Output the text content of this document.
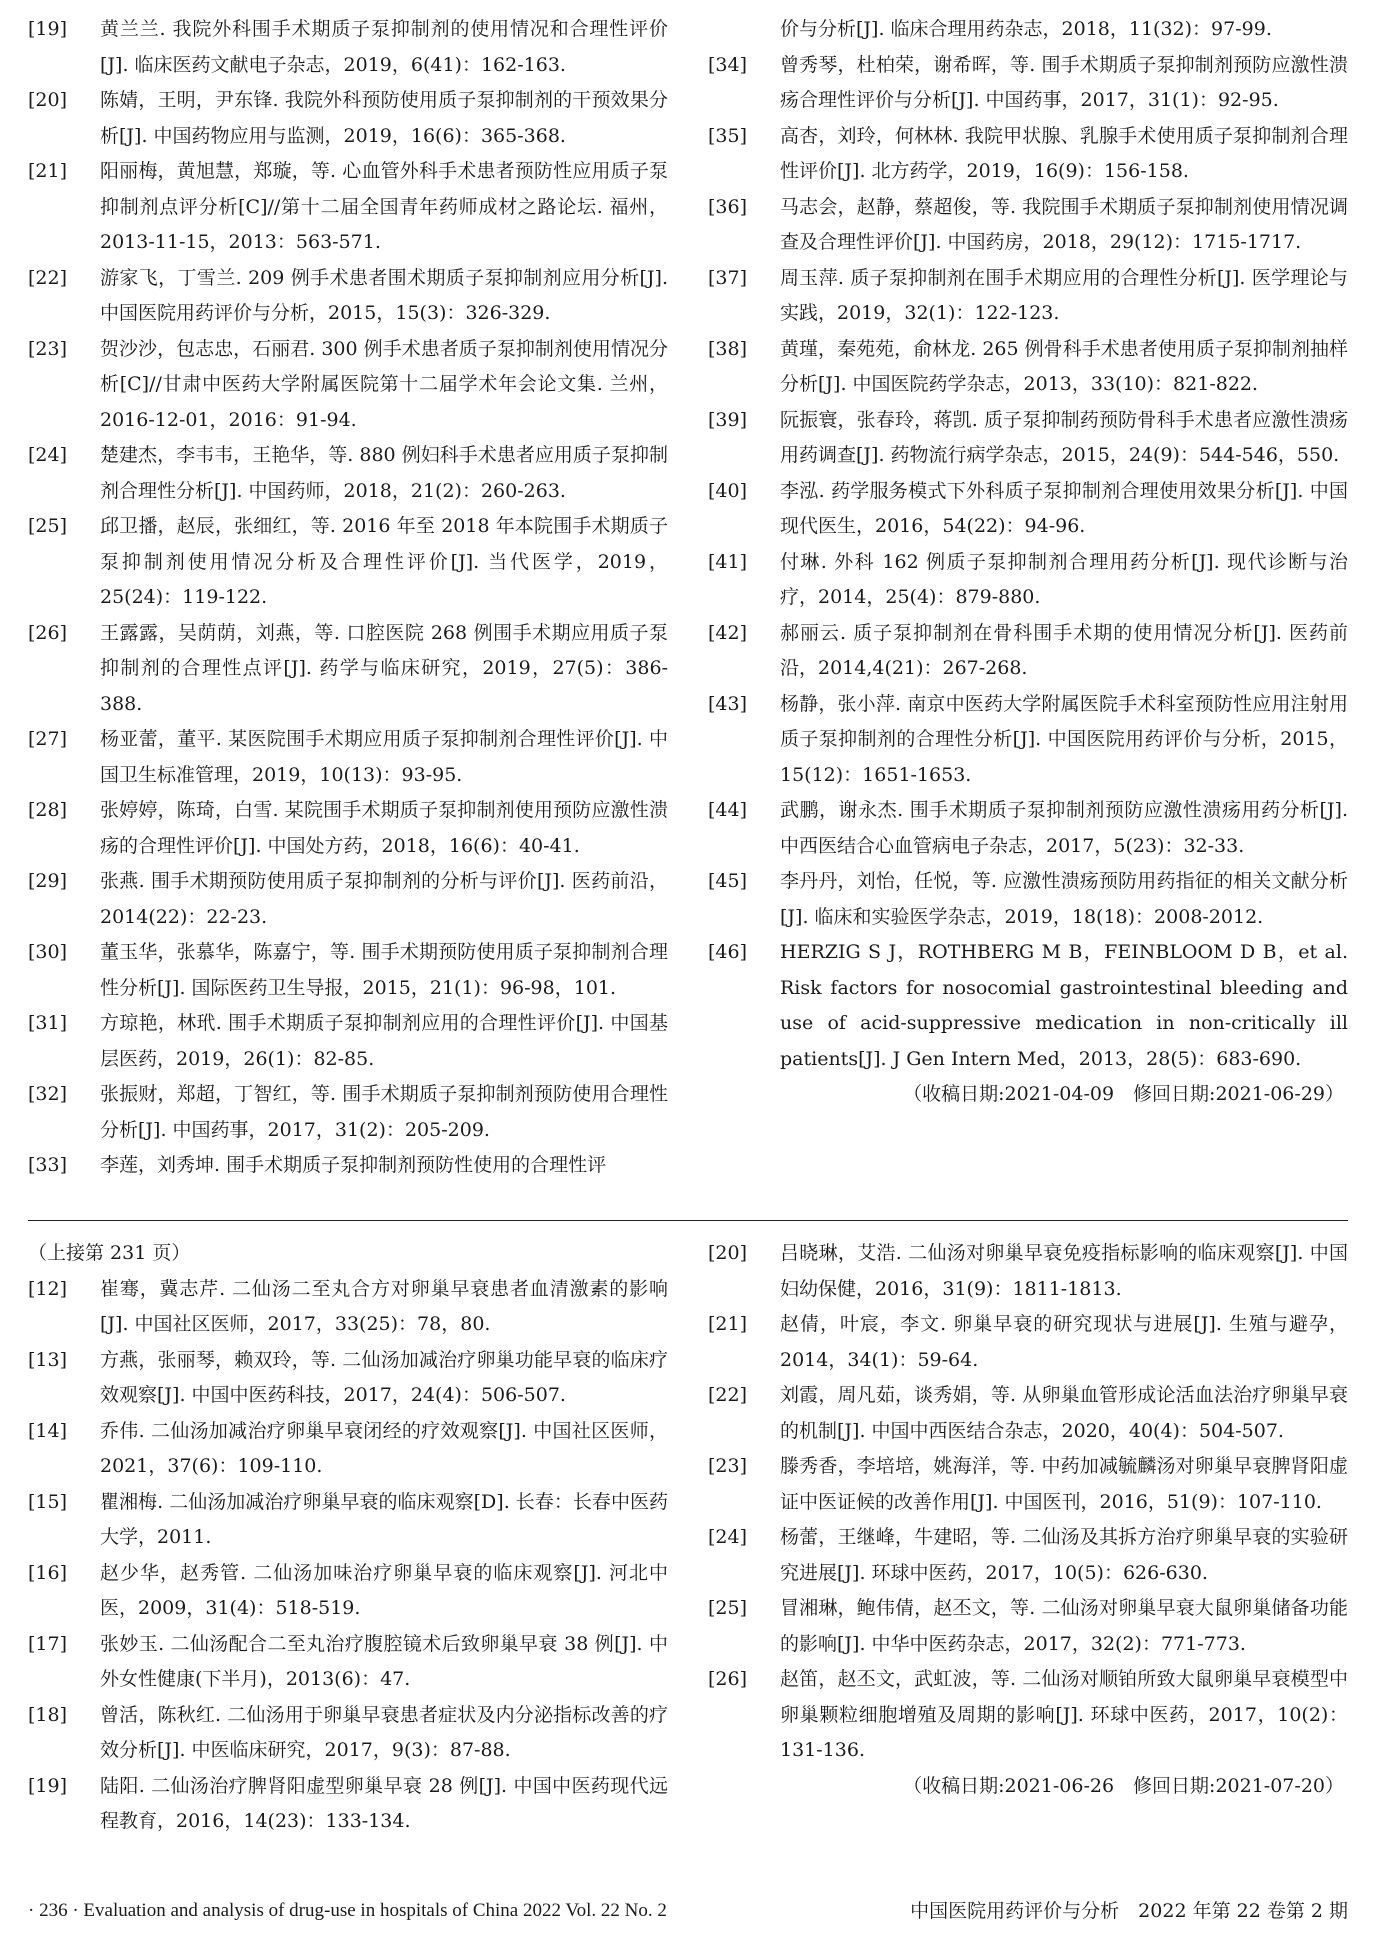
[19]	黄兰兰. 我院外科围手术期质子泵抑制剂的使用情况和合理性评价[J]. 临床医药文献电子杂志，2019，6(41)：162-163.
[20]	陈婧，王明，尹东锋. 我院外科预防使用质子泵抑制剂的干预效果分析[J]. 中国药物应用与监测，2019，16(6)：365-368.
[21]	阳丽梅，黄旭慧，郑璇，等. 心血管外科手术患者预防性应用质子泵抑制剂点评分析[C]//第十二届全国青年药师成材之路论坛. 福州，2013-11-15，2013：563-571.
[22]	游家飞，丁雪兰. 209 例手术患者围术期质子泵抑制剂应用分析[J]. 中国医院用药评价与分析，2015，15(3)：326-329.
[23]	贺沙沙，包志忠，石丽君. 300 例手术患者质子泵抑制剂使用情况分析[C]//甘肃中医药大学附属医院第十二届学术年会论文集. 兰州，2016-12-01，2016：91-94.
[24]	楚建杰，李韦韦，王艳华，等. 880 例妇科手术患者应用质子泵抑制剂合理性分析[J]. 中国药师，2018，21(2)：260-263.
[25]	邱卫播，赵辰，张细红，等. 2016 年至 2018 年本院围手术期质子泵抑制剂使用情况分析及合理性评价[J]. 当代医学，2019，25(24)：119-122.
[26]	王露露，吴荫荫，刘燕，等. 口腔医院 268 例围手术期应用质子泵抑制剂的合理性点评[J]. 药学与临床研究，2019，27(5)：386-388.
[27]	杨亚蕾，董平. 某医院围手术期应用质子泵抑制剂合理性评价[J]. 中国卫生标准管理，2019，10(13)：93-95.
[28]	张婷婷，陈琦，白雪. 某院围手术期质子泵抑制剂使用预防应激性溃疡的合理性评价[J]. 中国处方药，2018，16(6)：40-41.
[29]	张燕. 围手术期预防使用质子泵抑制剂的分析与评价[J]. 医药前沿，2014(22)：22-23.
[30]	董玉华，张慕华，陈嘉宁，等. 围手术期预防使用质子泵抑制剂合理性分析[J]. 国际医药卫生导报，2015，21(1)：96-98，101.
[31]	方琼艳，林玳. 围手术期质子泵抑制剂应用的合理性评价[J]. 中国基层医药，2019，26(1)：82-85.
[32]	张振财，郑超，丁智红，等. 围手术期质子泵抑制剂预防使用合理性分析[J]. 中国药事，2017，31(2)：205-209.
[33]	李莲，刘秀坤. 围手术期质子泵抑制剂预防性使用的合理性评
价与分析[J]. 临床合理用药杂志，2018，11(32)：97-99.
[34]	曾秀琴，杜柏荣，谢希晖，等. 围手术期质子泵抑制剂预防应激性溃疡合理性评价与分析[J]. 中国药事，2017，31(1)：92-95.
[35]	高杏，刘玲，何林林. 我院甲状腺、乳腺手术使用质子泵抑制剂合理性评价[J]. 北方药学，2019，16(9)：156-158.
[36]	马志会，赵静，蔡超俊，等. 我院围手术期质子泵抑制剂使用情况调查及合理性评价[J]. 中国药房，2018，29(12)：1715-1717.
[37]	周玉萍. 质子泵抑制剂在围手术期应用的合理性分析[J]. 医学理论与实践，2019，32(1)：122-123.
[38]	黄瑾，秦苑苑，俞林龙. 265 例骨科手术患者使用质子泵抑制剂抽样分析[J]. 中国医院药学杂志，2013，33(10)：821-822.
[39]	阮振寰，张春玲，蒋凯. 质子泵抑制药预防骨科手术患者应激性溃疡用药调查[J]. 药物流行病学杂志，2015，24(9)：544-546，550.
[40]	李泓. 药学服务模式下外科质子泵抑制剂合理使用效果分析[J]. 中国现代医生，2016，54(22)：94-96.
[41]	付琳. 外科 162 例质子泵抑制剂合理用药分析[J]. 现代诊断与治疗，2014，25(4)：879-880.
[42]	郝丽云. 质子泵抑制剂在骨科围手术期的使用情况分析[J]. 医药前沿，2014,4(21)：267-268.
[43]	杨静，张小萍. 南京中医药大学附属医院手术科室预防性应用注射用质子泵抑制剂的合理性分析[J]. 中国医院用药评价与分析，2015，15(12)：1651-1653.
[44]	武鹏，谢永杰. 围手术期质子泵抑制剂预防应激性溃疡用药分析[J]. 中西医结合心血管病电子杂志，2017，5(23)：32-33.
[45]	李丹丹，刘怡，任悦，等. 应激性溃疡预防用药指征的相关文献分析[J]. 临床和实验医学杂志，2019，18(18)：2008-2012.
[46]	HERZIG S J，ROTHBERG M B，FEINBLOOM D B，et al. Risk factors for nosocomial gastrointestinal bleeding and use of acid-suppressive medication in non-critically ill patients[J]. J Gen Intern Med，2013，28(5)：683-690.
（收稿日期:2021-04-09　修回日期:2021-06-29）
（上接第 231 页）
[12]	崔骞，冀志芹. 二仙汤二至丸合方对卵巢早衰患者血清激素的影响[J]. 中国社区医师，2017，33(25)：78，80.
[13]	方燕，张丽琴，赖双玲，等. 二仙汤加减治疗卵巢功能早衰的临床疗效观察[J]. 中国中医药科技，2017，24(4)：506-507.
[14]	乔伟. 二仙汤加减治疗卵巢早衰闭经的疗效观察[J]. 中国社区医师，2021，37(6)：109-110.
[15]	瞿湘梅. 二仙汤加减治疗卵巢早衰的临床观察[D]. 长春：长春中医药大学，2011.
[16]	赵少华，赵秀管. 二仙汤加味治疗卵巢早衰的临床观察[J]. 河北中医，2009，31(4)：518-519.
[17]	张妙玉. 二仙汤配合二至丸治疗腹腔镜术后致卵巢早衰 38 例[J]. 中外女性健康(下半月)，2013(6)：47.
[18]	曾活，陈秋红. 二仙汤用于卵巢早衰患者症状及内分泌指标改善的疗效分析[J]. 中医临床研究，2017，9(3)：87-88.
[19]	陆阳. 二仙汤治疗脾肾阳虚型卵巢早衰 28 例[J]. 中国中医药现代远程教育，2016，14(23)：133-134.
[20]	吕晓琳，艾浩. 二仙汤对卵巢早衰免疫指标影响的临床观察[J]. 中国妇幼保健，2016，31(9)：1811-1813.
[21]	赵倩，叶宸，李文. 卵巢早衰的研究现状与进展[J]. 生殖与避孕，2014，34(1)：59-64.
[22]	刘霞，周凡茹，谈秀娟，等. 从卵巢血管形成论活血法治疗卵巢早衰的机制[J]. 中国中西医结合杂志，2020，40(4)：504-507.
[23]	滕秀香，李培培，姚海洋，等. 中药加减毓麟汤对卵巢早衰脾肾阳虚证中医证候的改善作用[J]. 中国医刊，2016，51(9)：107-110.
[24]	杨蕾，王继峰，牛建昭，等. 二仙汤及其拆方治疗卵巢早衰的实验研究进展[J]. 环球中医药，2017，10(5)：626-630.
[25]	冒湘琳，鲍伟倩，赵丕文，等. 二仙汤对卵巢早衰大鼠卵巢储备功能的影响[J]. 中华中医药杂志，2017，32(2)：771-773.
[26]	赵笛，赵丕文，武虹波，等. 二仙汤对顺铂所致大鼠卵巢早衰模型中卵巢颗粒细胞增殖及周期的影响[J]. 环球中医药，2017，10(2)：131-136.
（收稿日期:2021-06-26　修回日期:2021-07-20）
· 236 · Evaluation and analysis of drug-use in hospitals of China 2022 Vol. 22 No. 2	中国医院用药评价与分析　2022 年第 22 卷第 2 期
